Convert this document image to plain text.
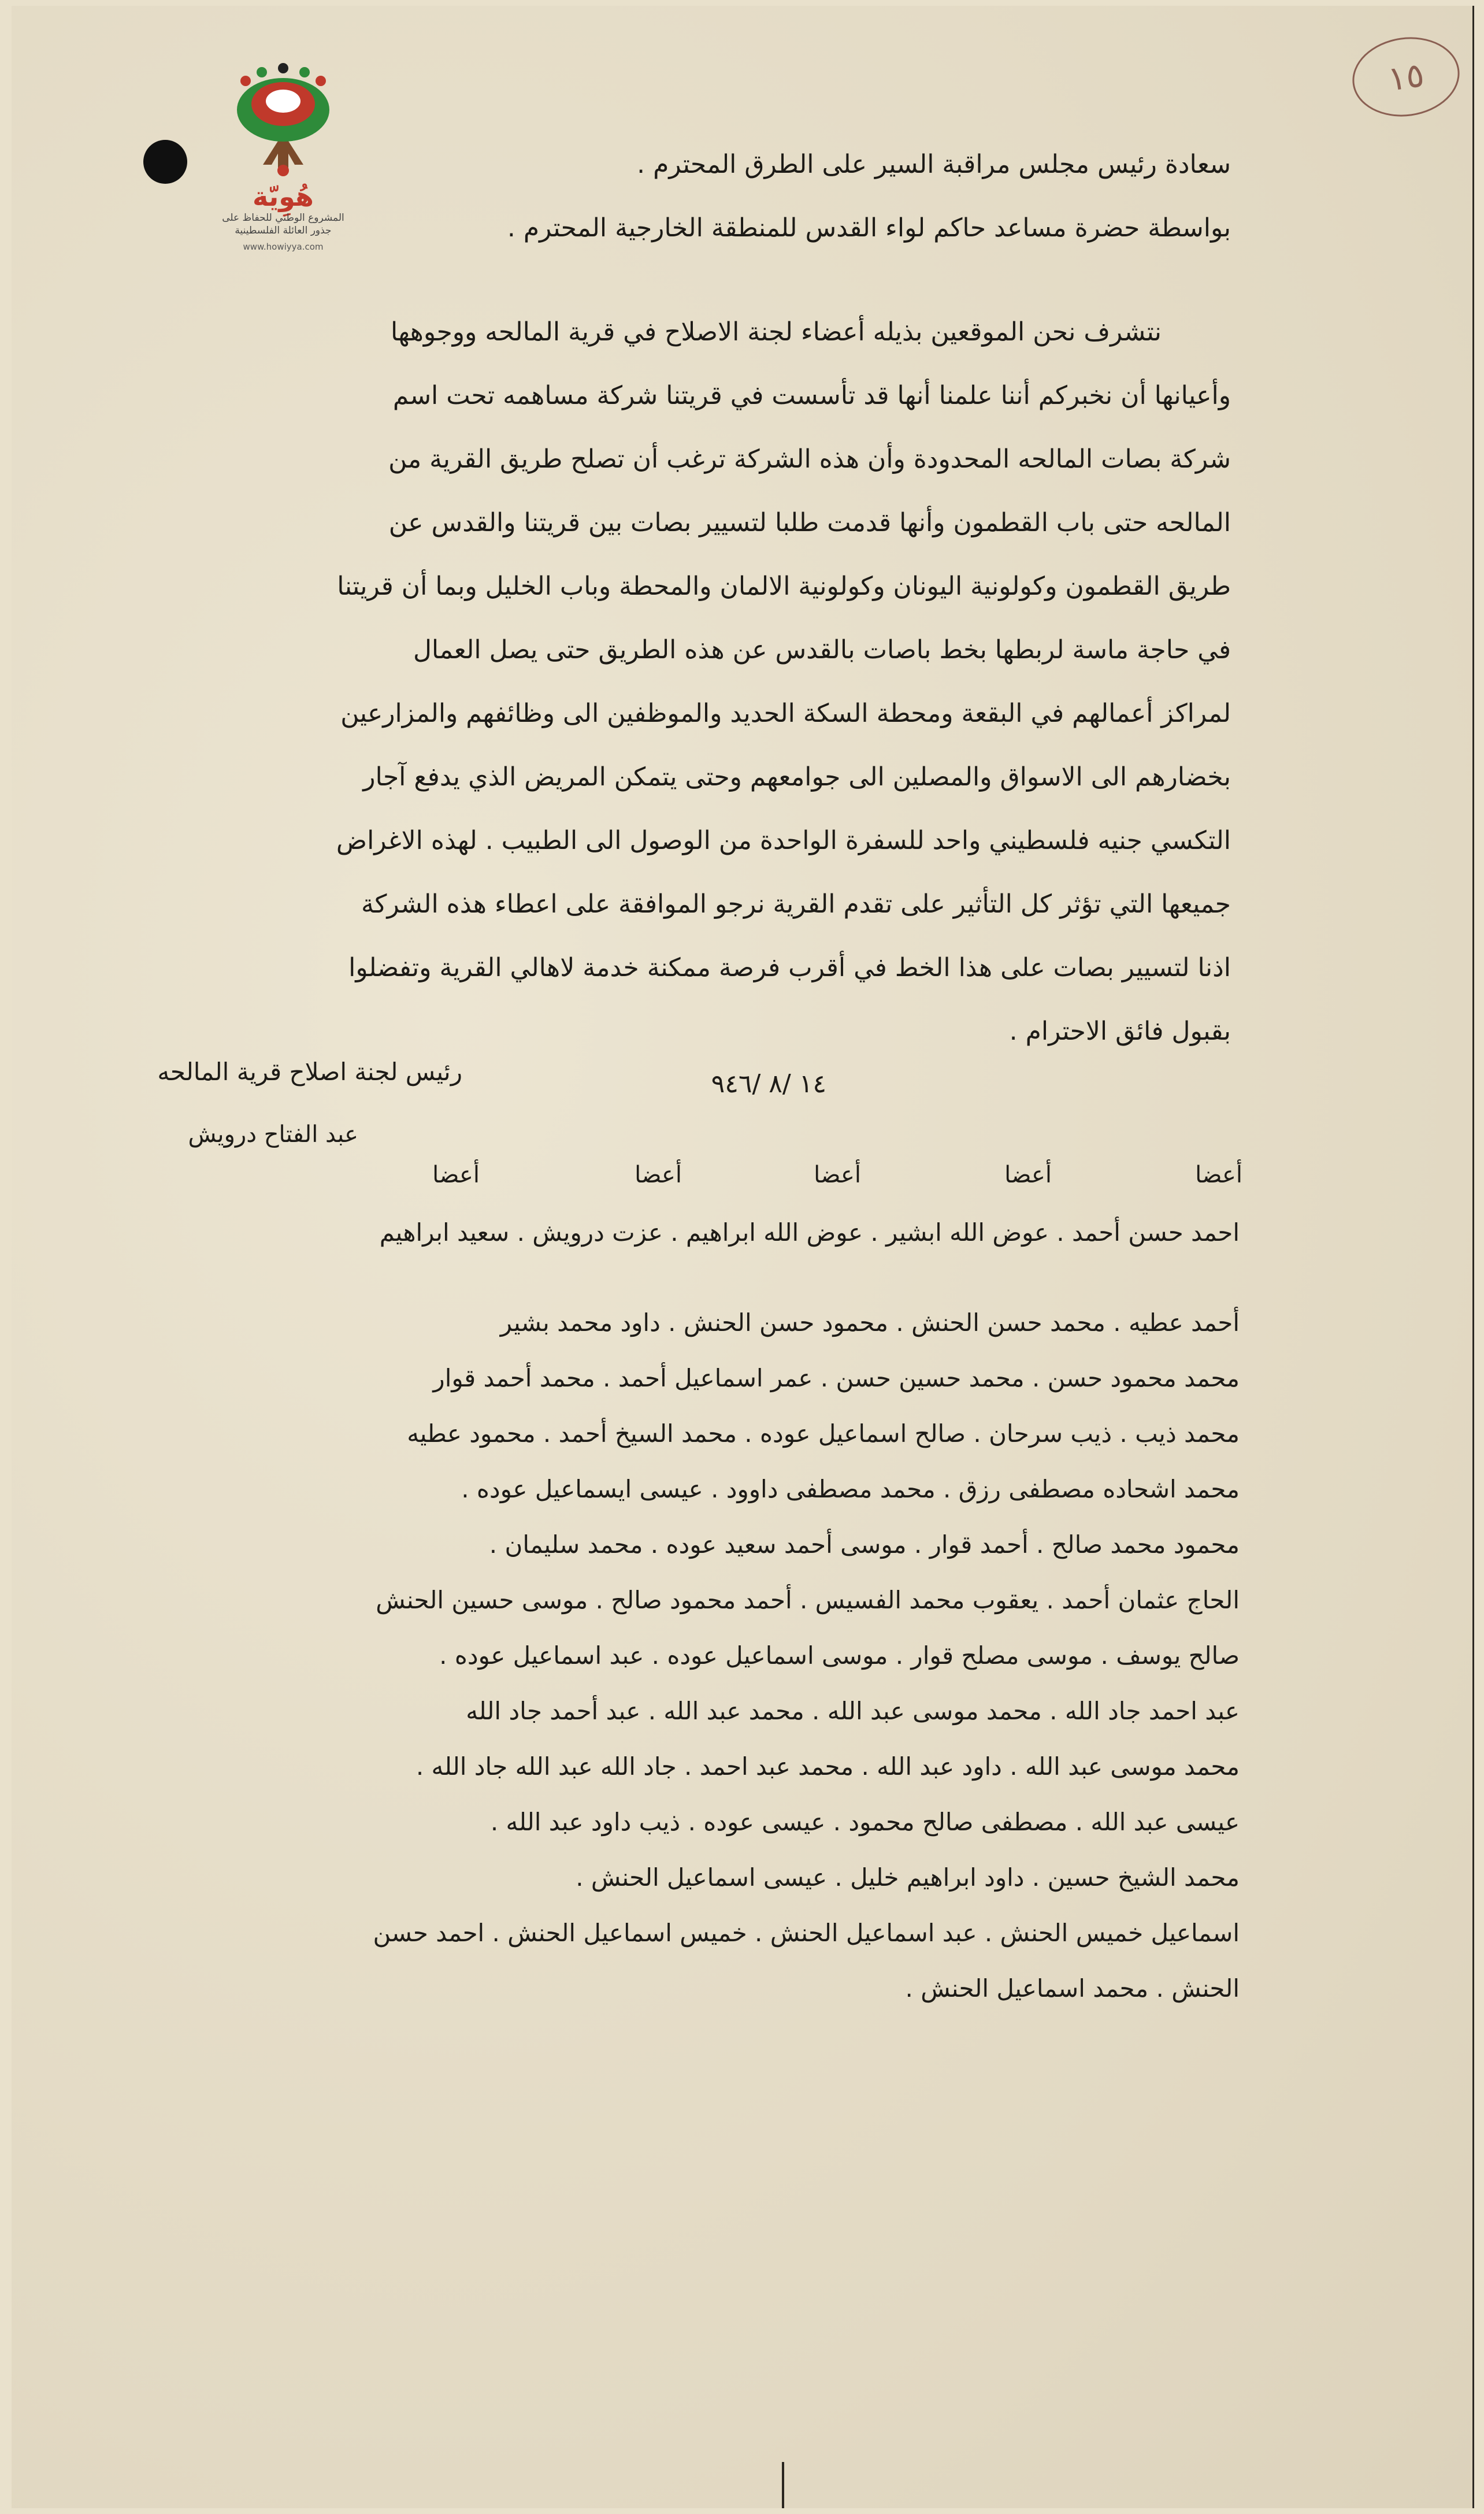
١٥
هُوِيّة
المشروع الوطني للحفاظ على
جذور العائلة الفلسطينية
www.howiyya.com
سعادة رئيس مجلس مراقبة السير على الطرق المحترم .
بواسطة حضرة مساعد حاكم لواء القدس للمنطقة الخارجية المحترم .
نتشرف نحن الموقعين بذيله أعضاء لجنة الاصلاح في قرية المالحه ووجوهها
وأعيانها أن نخبركم أننا علمنا أنها قد تأسست في قريتنا شركة مساهمه تحت اسم
شركة بصات المالحه المحدودة وأن هذه الشركة ترغب أن تصلح طريق القرية من
المالحه حتى باب القطمون وأنها قدمت طلبا لتسيير بصات بين قريتنا والقدس عن
طريق القطمون وكولونية اليونان وكولونية الالمان والمحطة وباب الخليل وبما أن قريتنا
في حاجة ماسة لربطها بخط باصات بالقدس عن هذه الطريق حتى يصل العمال
لمراكز أعمالهم في البقعة ومحطة السكة الحديد والموظفين الى وظائفهم والمزارعين
بخضارهم الى الاسواق والمصلين الى جوامعهم وحتى يتمكن المريض الذي يدفع آجار
التكسي جنيه فلسطيني واحد للسفرة الواحدة من الوصول الى الطبيب . لهذه الاغراض
جميعها التي تؤثر كل التأثير على تقدم القرية نرجو الموافقة على اعطاء هذه الشركة
اذنا لتسيير بصات على هذا الخط في أقرب فرصة ممكنة خدمة لاهالي القرية وتفضلوا
بقبول فائق الاحترام .
رئيس لجنة اصلاح قرية المالحه	١٤ /٨ /٩٤٦
عبد الفتاح درويش
أعضا
أعضا
أعضا
أعضا
أعضا
احمد حسن أحمد . عوض الله ابشير . عوض الله ابراهيم . عزت درويش . سعيد ابراهيم
أحمد عطيه . محمد حسن الحنش . محمود حسن الحنش . داود محمد بشير
محمد محمود حسن . محمد حسين حسن . عمر اسماعيل أحمد . محمد أحمد قوار
محمد ذيب . ذيب سرحان . صالح اسماعيل عوده . محمد السيخ أحمد . محمود عطيه
محمد اشحاده مصطفى رزق . محمد مصطفى داوود . عيسى ايسماعيل عوده .
محمود محمد صالح . أحمد قوار . موسى أحمد سعيد عوده . محمد سليمان .
الحاج عثمان أحمد . يعقوب محمد الفسيس . أحمد محمود صالح . موسى حسين الحنش
صالح يوسف . موسى مصلح قوار . موسى اسماعيل عوده . عبد اسماعيل عوده .
عبد احمد جاد الله . محمد موسى عبد الله . محمد عبد الله . عبد أحمد جاد الله
محمد موسى عبد الله . داود عبد الله . محمد عبد احمد . جاد الله عبد الله جاد الله .
عيسى عبد الله . مصطفى صالح محمود . عيسى عوده . ذيب داود عبد الله .
محمد الشيخ حسين . داود ابراهيم خليل . عيسى اسماعيل الحنش .
اسماعيل خميس الحنش . عبد اسماعيل الحنش . خميس اسماعيل الحنش . احمد حسن
الحنش . محمد اسماعيل الحنش .
